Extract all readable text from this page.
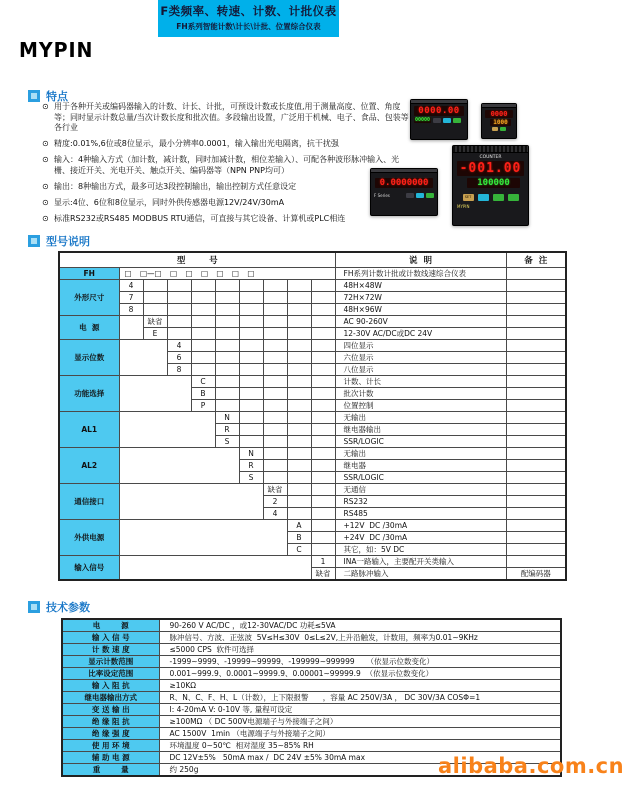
F类频率、转速、计数、计批仪表
FH系列智能计数\计长\计批、位置综合仪表
MYPIN
特点
⊙ 用于各种开关或编码器输入的计数、计长、计批，可预设计数或长度值,用于测量高度、位置、角度等；同时显示计数总量/当次计数长度和批次值。多段输出设置，广泛用于机械、电子、食品、包装等各行业
⊙ 精度:0.01%,6位或8位显示，最小分辨率0.0001，输入输出光电隔离，抗干扰强
⊙ 输入：4种输入方式（加计数，减计数，同时加减计数，相位差输入）、可配各种波形脉冲输入、光栅、接近开关、光电开关、触点开关、编码器等（NPN PNP均可）
⊙ 输出：8种输出方式，最多可达3段控制输出，输出控制方式任意设定
⊙ 显示:4位、6位和8位显示，同时外供传感器电源12V/24V/30mA
⊙ 标准RS232或RS485 MODBUS RTU通信，可直接与其它设备、计算机或PLC相连
0000.00
00000
0000
1000
0.0000000
F Series
COUNTER
-001.00
100000
SET
MYPIN
型号说明
型        号										说  明	备  注
FH	□ □—□ □ □ □ □ □ □									FH系列计数计批或计数线速综合仪表	
外形尺寸	4									48H×48W	
	7									72H×72W	
	8									48H×96W	
电  源		缺省								AC 90-260V	
		E								12-30V AC/DC或DC 24V	
显示位数			4							四位显示	
			6							六位显示	
			8							八位显示	
功能选择				C						计数、计长	
				B						批次计数	
				P						位置控制	
AL1					N					无输出	
					R					继电器输出	
					S					SSR/LOGIC	
AL2						N				无输出	
						R				继电器	
						S				SSR/LOGIC	
通信接口							缺省			无通信	
							2			RS232	
							4			RS485	
外供电源								A		+12V  DC /30mA	
								B		+24V  DC /30mA	
								C		其它，如：5V DC	
输入信号									1	INA一路输入，主要配开关类输入	
									缺省	二路脉冲输入	配编码器
技术参数
电        源	90-260 V AC/DC ，或12-30VAC/DC 功耗≤5VA
输 入 信 号	脉冲信号、方波、正弦波  5V≤H≤30V  0≤L≤2V,上升沿触发，计数用，频率为0.01~9KHz
计 数 速 度	≤5000 CPS  软件可选择
显示计数范围	-1999~9999、-19999~99999、-199999~999999     （依显示位数变化）
比率设定范围	0.001~999.9、0.0001~9999.9、0.00001~99999.9  （依显示位数变化）
输 入 阻 抗	≥10KΩ
继电器输出方式	R、N、C、F、H、L（计数），上下限报警      ，容量 AC 250V/3A ， DC 30V/3A COSΦ=1
变 送 输 出	I: 4-20mA V: 0-10V 等, 量程可设定
绝 缘 阻 抗	≥100MΩ （ DC 500V电源端子与外接端子之间）
绝 缘 强 度	AC 1500V  1min （电源端子与外接端子之间）
使 用 环 境	环境温度 0~50℃  相对湿度 35~85% RH
辅 助 电 源	DC 12V±5%   50mA max /  DC 24V ±5% 30mA max
重        量	约 250g	alibaba.com.cn
